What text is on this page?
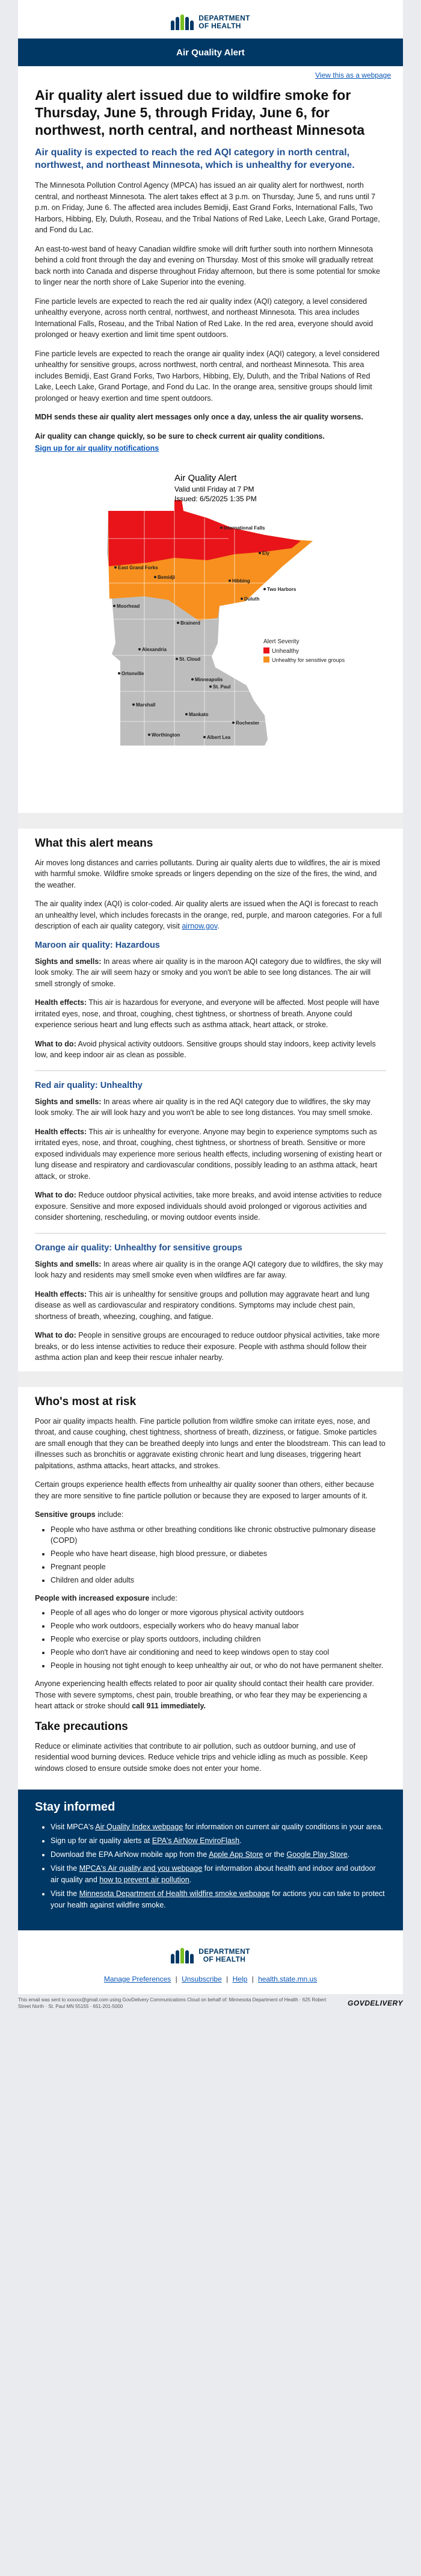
DEPARTMENT
OF HEALTH
Air Quality Alert
View this as a webpage
Air quality alert issued due to wildfire smoke for Thursday, June 5, through Friday, June 6, for northwest, north central, and northeast Minnesota
Air quality is expected to reach the red AQI category in north central, northwest, and northeast Minnesota, which is unhealthy for everyone.

The Minnesota Pollution Control Agency (MPCA) has issued an air quality alert for northwest, north central, and northeast Minnesota. The alert takes effect at 3 p.m. on Thursday, June 5, and runs until 7 p.m. on Friday, June 6. The affected area includes Bemidji, East Grand Forks, International Falls, Two Harbors, Hibbing, Ely, Duluth, Roseau, and the Tribal Nations of Red Lake, Leech Lake, Grand Portage, and Fond du Lac.

An east-to-west band of heavy Canadian wildfire smoke will drift further south into northern Minnesota behind a cold front through the day and evening on Thursday. Most of this smoke will gradually retreat back north into Canada and disperse throughout Friday afternoon, but there is some potential for smoke to linger near the north shore of Lake Superior into the evening.

Fine particle levels are expected to reach the red air quality index (AQI) category, a level considered unhealthy everyone, across north central, northwest, and northeast Minnesota. This area includes International Falls, Roseau, and the Tribal Nation of Red Lake. In the red area, everyone should avoid prolonged or heavy exertion and limit time spent outdoors.

Fine particle levels are expected to reach the orange air quality index (AQI) category, a level considered unhealthy for sensitive groups, across northwest, north central, and northeast Minnesota. This area includes Bemidji, East Grand Forks, Two Harbors, Hibbing, Ely, Duluth, and the Tribal Nations of Red Lake, Leech Lake, Grand Portage, and Fond du Lac. In the orange area, sensitive groups should limit prolonged or heavy exertion and time spent outdoors.

MDH sends these air quality alert messages only once a day, unless the air quality worsens.

Air quality can change quickly, so be sure to check current air quality conditions.

Sign up for air quality notifications

Air Quality Alert
Valid until Friday at 7 PM
Issued: 6/5/2025 1:35 PM
International Falls
Ely
East Grand Forks
Bemidji
Hibbing
Two Harbors
Duluth
Moorhead
Brainerd
Alexandria
St. Cloud
Ortonville
Minneapolis
St. Paul
Marshall
Mankato
Rochester
Worthington	Albert Lea
Alert Severity
Unhealthy
Unhealthy for sensitive groups
What this alert means

Air moves long distances and carries pollutants. During air quality alerts due to wildfires, the air is mixed with harmful smoke. Wildfire smoke spreads or lingers depending on the size of the fires, the wind, and the weather.

The air quality index (AQI) is color-coded. Air quality alerts are issued when the AQI is forecast to reach an unhealthy level, which includes forecasts in the orange, red, purple, and maroon categories. For a full description of each air quality category, visit airnow.gov.

Maroon air quality: Hazardous

Sights and smells: In areas where air quality is in the maroon AQI category due to wildfires, the sky will look smoky. The air will seem hazy or smoky and you won't be able to see long distances. The air will smell strongly of smoke.

Health effects: This air is hazardous for everyone, and everyone will be affected. Most people will have irritated eyes, nose, and throat, coughing, chest tightness, or shortness of breath. Anyone could experience serious heart and lung effects such as asthma attack, heart attack, or stroke.

What to do: Avoid physical activity outdoors. Sensitive groups should stay indoors, keep activity levels low, and keep indoor air as clean as possible.

Red air quality: Unhealthy

Sights and smells: In areas where air quality is in the red AQI category due to wildfires, the sky may look smoky. The air will look hazy and you won't be able to see long distances. You may smell smoke.

Health effects: This air is unhealthy for everyone. Anyone may begin to experience symptoms such as irritated eyes, nose, and throat, coughing, chest tightness, or shortness of breath. Sensitive or more exposed individuals may experience more serious health effects, including worsening of existing heart or lung disease and respiratory and cardiovascular conditions, possibly leading to an asthma attack, heart attack, or stroke.

What to do: Reduce outdoor physical activities, take more breaks, and avoid intense activities to reduce exposure. Sensitive and more exposed individuals should avoid prolonged or vigorous activities and consider shortening, rescheduling, or moving outdoor events inside.

Orange air quality: Unhealthy for sensitive groups

Sights and smells: In areas where air quality is in the orange AQI category due to wildfires, the sky may look hazy and residents may smell smoke even when wildfires are far away.

Health effects: This air is unhealthy for sensitive groups and pollution may aggravate heart and lung disease as well as cardiovascular and respiratory conditions. Symptoms may include chest pain, shortness of breath, wheezing, coughing, and fatigue.

What to do: People in sensitive groups are encouraged to reduce outdoor physical activities, take more breaks, or do less intense activities to reduce their exposure. People with asthma should follow their asthma action plan and keep their rescue inhaler nearby.

Who's most at risk

Poor air quality impacts health. Fine particle pollution from wildfire smoke can irritate eyes, nose, and throat, and cause coughing, chest tightness, shortness of breath, dizziness, or fatigue. Smoke particles are small enough that they can be breathed deeply into lungs and enter the bloodstream. This can lead to illnesses such as bronchitis or aggravate existing chronic heart and lung diseases, triggering heart palpitations, asthma attacks, heart attacks, and strokes.

Certain groups experience health effects from unhealthy air quality sooner than others, either because they are more sensitive to fine particle pollution or because they are exposed to larger amounts of it.

Sensitive groups include:

• People who have asthma or other breathing conditions like chronic obstructive pulmonary disease (COPD)
• People who have heart disease, high blood pressure, or diabetes
• Pregnant people
• Children and older adults

People with increased exposure include:

• People of all ages who do longer or more vigorous physical activity outdoors
• People who work outdoors, especially workers who do heavy manual labor
• People who exercise or play sports outdoors, including children
• People who don't have air conditioning and need to keep windows open to stay cool
• People in housing not tight enough to keep unhealthy air out, or who do not have permanent shelter.

Anyone experiencing health effects related to poor air quality should contact their health care provider. Those with severe symptoms, chest pain, trouble breathing, or who fear they may be experiencing a heart attack or stroke should call 911 immediately.

Take precautions

Reduce or eliminate activities that contribute to air pollution, such as outdoor burning, and use of residential wood burning devices. Reduce vehicle trips and vehicle idling as much as possible. Keep windows closed to ensure outside smoke does not enter your home.

Stay informed
• Visit MPCA's Air Quality Index webpage for information on current air quality conditions in your area.
• Sign up for air quality alerts at EPA's AirNow EnviroFlash.
• Download the EPA AirNow mobile app from the Apple App Store or the Google Play Store.
• Visit the MPCA's Air quality and you webpage for information about health and indoor and outdoor air quality and how to prevent air pollution.
• Visit the Minnesota Department of Health wildfire smoke webpage for actions you can take to protect your health against wildfire smoke.
DEPARTMENT
OF HEALTH
Manage Preferences | Unsubscribe | Help | health.state.mn.us
This email was sent to xxxxxx@gmail.com using GovDelivery Communications Cloud on behalf of: Minnesota Department of Health · 625 Robert Street North · St. Paul MN 55155 · 651-201-5000	GOVDELIVERY
